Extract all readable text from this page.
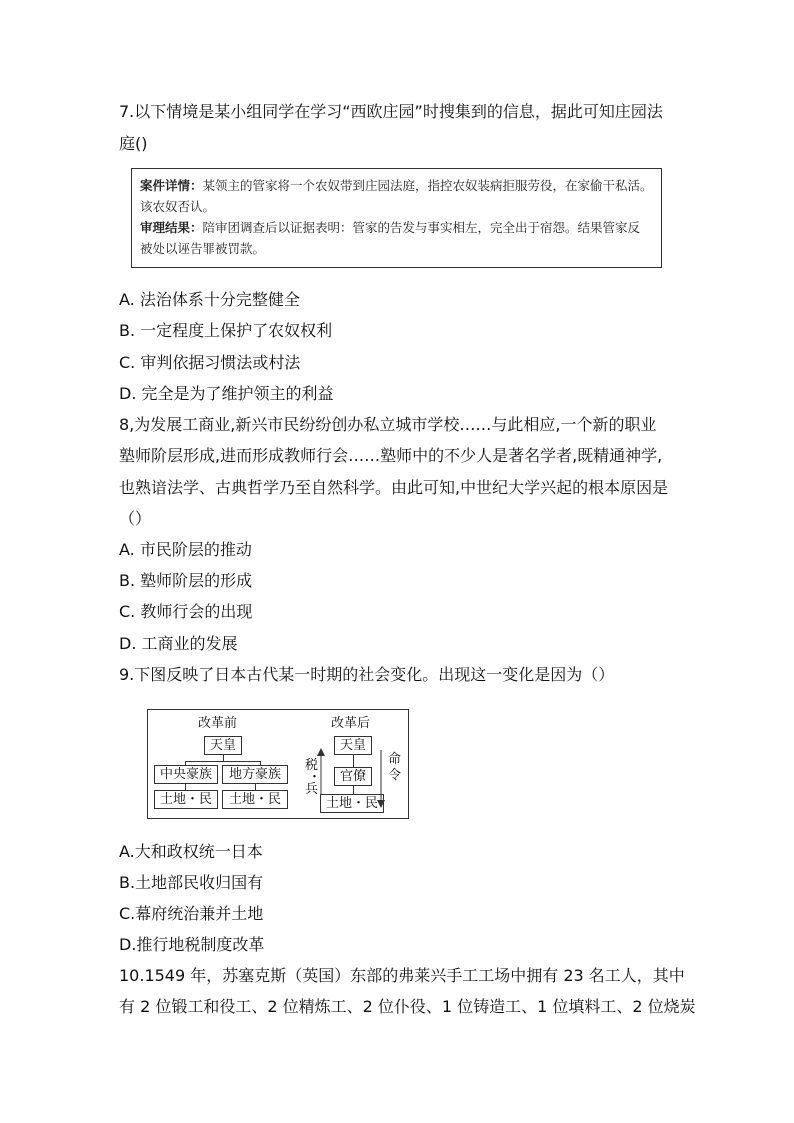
7.以下情境是某小组同学在学习“西欧庄园”时搜集到的信息，据此可知庄园法
庭()
案件详情：某领主的管家将一个农奴带到庄园法庭，指控农奴装病拒服劳役，在家偷干私活。
该农奴否认。
审理结果：陪审团调查后以证据表明：管家的告发与事实相左，完全出于宿怨。结果管家反
被处以诬告罪被罚款。
A. 法治体系十分完整健全
B. 一定程度上保护了农奴权利
C. 审判依据习惯法或村法
D. 完全是为了维护领主的利益
8,为发展工商业,新兴市民纷纷创办私立城市学校……与此相应,一个新的职业
塾师阶层形成,进而形成教师行会……塾师中的不少人是著名学者,既精通神学,
也熟谙法学、古典哲学乃至自然科学。由此可知,中世纪大学兴起的根本原因是
（）
A. 市民阶层的推动
B. 塾师阶层的形成
C. 教师行会的出现
D. 工商业的发展
9.下图反映了日本古代某一时期的社会变化。出现这一变化是因为（）
改革前
天皇
中央豪族	地方豪族
土地・民	土地・民
税
・
兵
改革后
天皇
官僚
土地・民
命
令
A.大和政权统一日本
B.土地部民收归国有
C.幕府统治兼并土地
D.推行地税制度改革
10.1549 年，苏塞克斯（英国）东部的弗莱兴手工工场中拥有 23 名工人，其中
有 2 位锻工和役工、2 位精炼工、2 位仆役、1 位铸造工、1 位填料工、2 位烧炭
